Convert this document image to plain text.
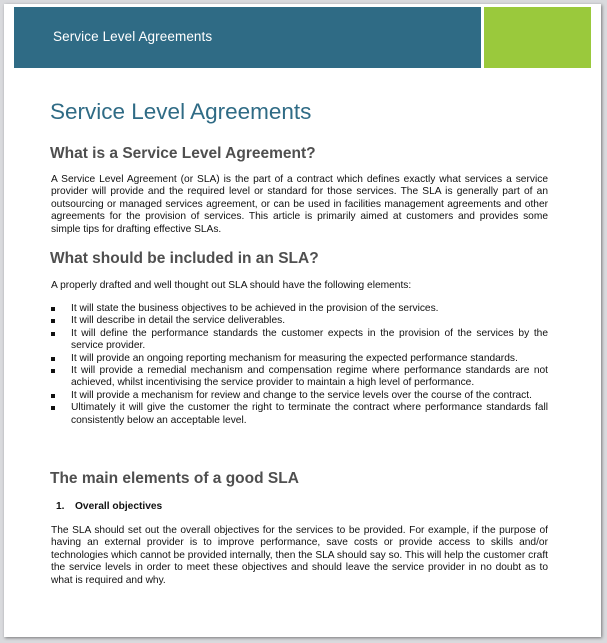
Service Level Agreements
Service Level Agreements
What is a Service Level Agreement?

A Service Level Agreement (or SLA) is the part of a contract which defines exactly what services a service provider will provide and the required level or standard for those services. The SLA is generally part of an outsourcing or managed services agreement, or can be used in facilities management agreements and other agreements for the provision of services. This article is primarily aimed at customers and provides some simple tips for drafting effective SLAs.

What should be included in an SLA?

A properly drafted and well thought out SLA should have the following elements:

It will state the business objectives to be achieved in the provision of the services.
It will describe in detail the service deliverables.
It will define the performance standards the customer expects in the provision of the services by the service provider.
It will provide an ongoing reporting mechanism for measuring the expected performance standards.
It will provide a remedial mechanism and compensation regime where performance standards are not achieved, whilst incentivising the service provider to maintain a high level of performance.
It will provide a mechanism for review and change to the service levels over the course of the contract.
Ultimately it will give the customer the right to terminate the contract where performance standards fall consistently below an acceptable level.
The main elements of a good SLA
1. Overall objectives

The SLA should set out the overall objectives for the services to be provided. For example, if the purpose of having an external provider is to improve performance, save costs or provide access to skills and/or technologies which cannot be provided internally, then the SLA should say so. This will help the customer craft the service levels in order to meet these objectives and should leave the service provider in no doubt as to what is required and why.
